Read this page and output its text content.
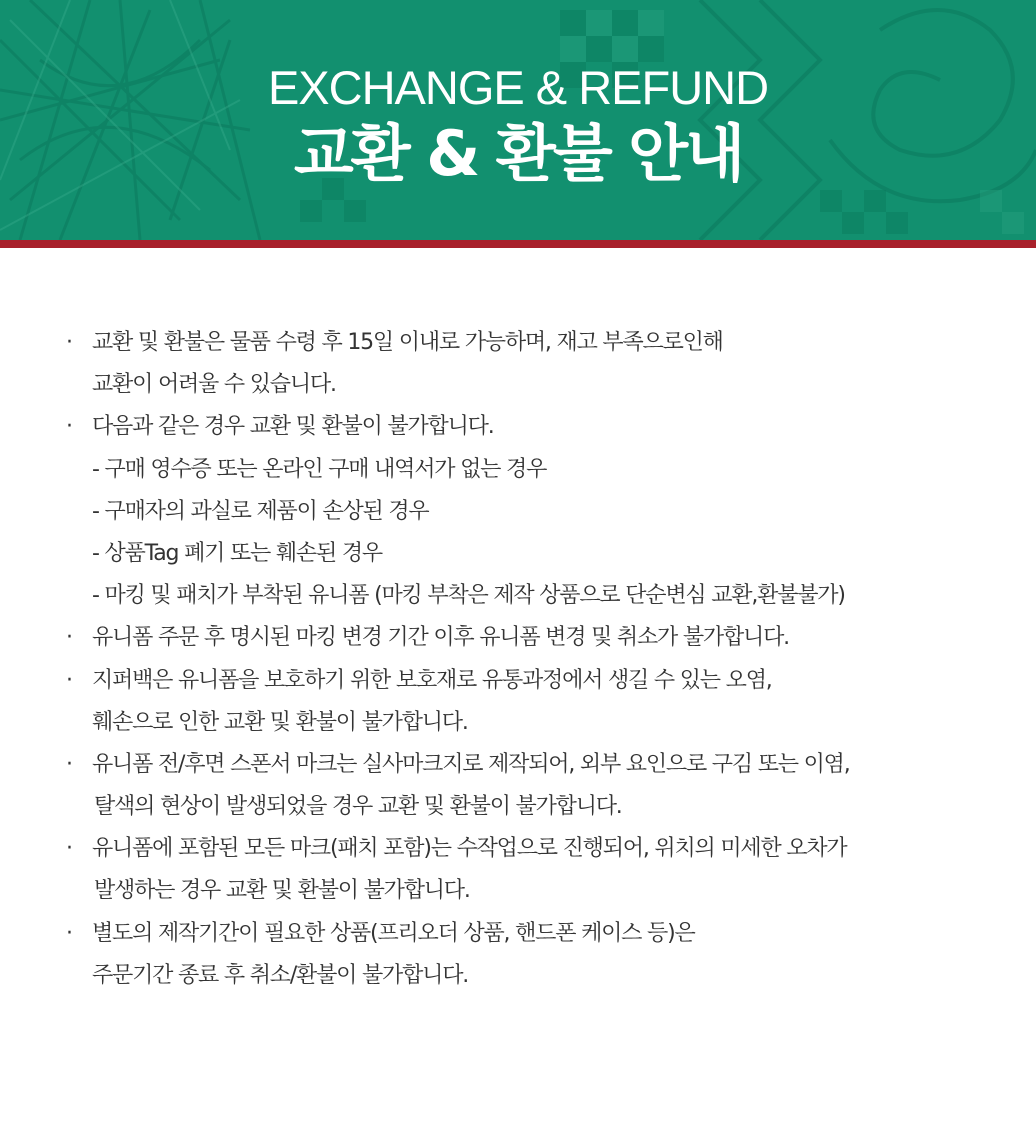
EXCHANGE & REFUND
교환 & 환불 안내
· 교환 및 환불은 물품 수령 후 15일 이내로 가능하며, 재고 부족으로인해
교환이 어려울 수 있습니다.
· 다음과 같은 경우 교환 및 환불이 불가합니다.
- 구매 영수증 또는 온라인 구매 내역서가 없는 경우
- 구매자의 과실로 제품이 손상된 경우
- 상품Tag 폐기 또는 훼손된 경우
- 마킹 및 패치가 부착된 유니폼 (마킹 부착은 제작 상품으로 단순변심 교환,환불불가)
· 유니폼 주문 후 명시된 마킹 변경 기간 이후 유니폼 변경 및 취소가 불가합니다.
· 지퍼백은 유니폼을 보호하기 위한 보호재로 유통과정에서 생길 수 있는 오염,
훼손으로 인한 교환 및 환불이 불가합니다.
· 유니폼 전/후면 스폰서 마크는 실사마크지로 제작되어, 외부 요인으로 구김 또는 이염,
탈색의 현상이 발생되었을 경우 교환 및 환불이 불가합니다.
· 유니폼에 포함된 모든 마크(패치 포함)는 수작업으로 진행되어, 위치의 미세한 오차가
발생하는 경우 교환 및 환불이 불가합니다.
· 별도의 제작기간이 필요한 상품(프리오더 상품, 핸드폰 케이스 등)은
주문기간 종료 후 취소/환불이 불가합니다.
